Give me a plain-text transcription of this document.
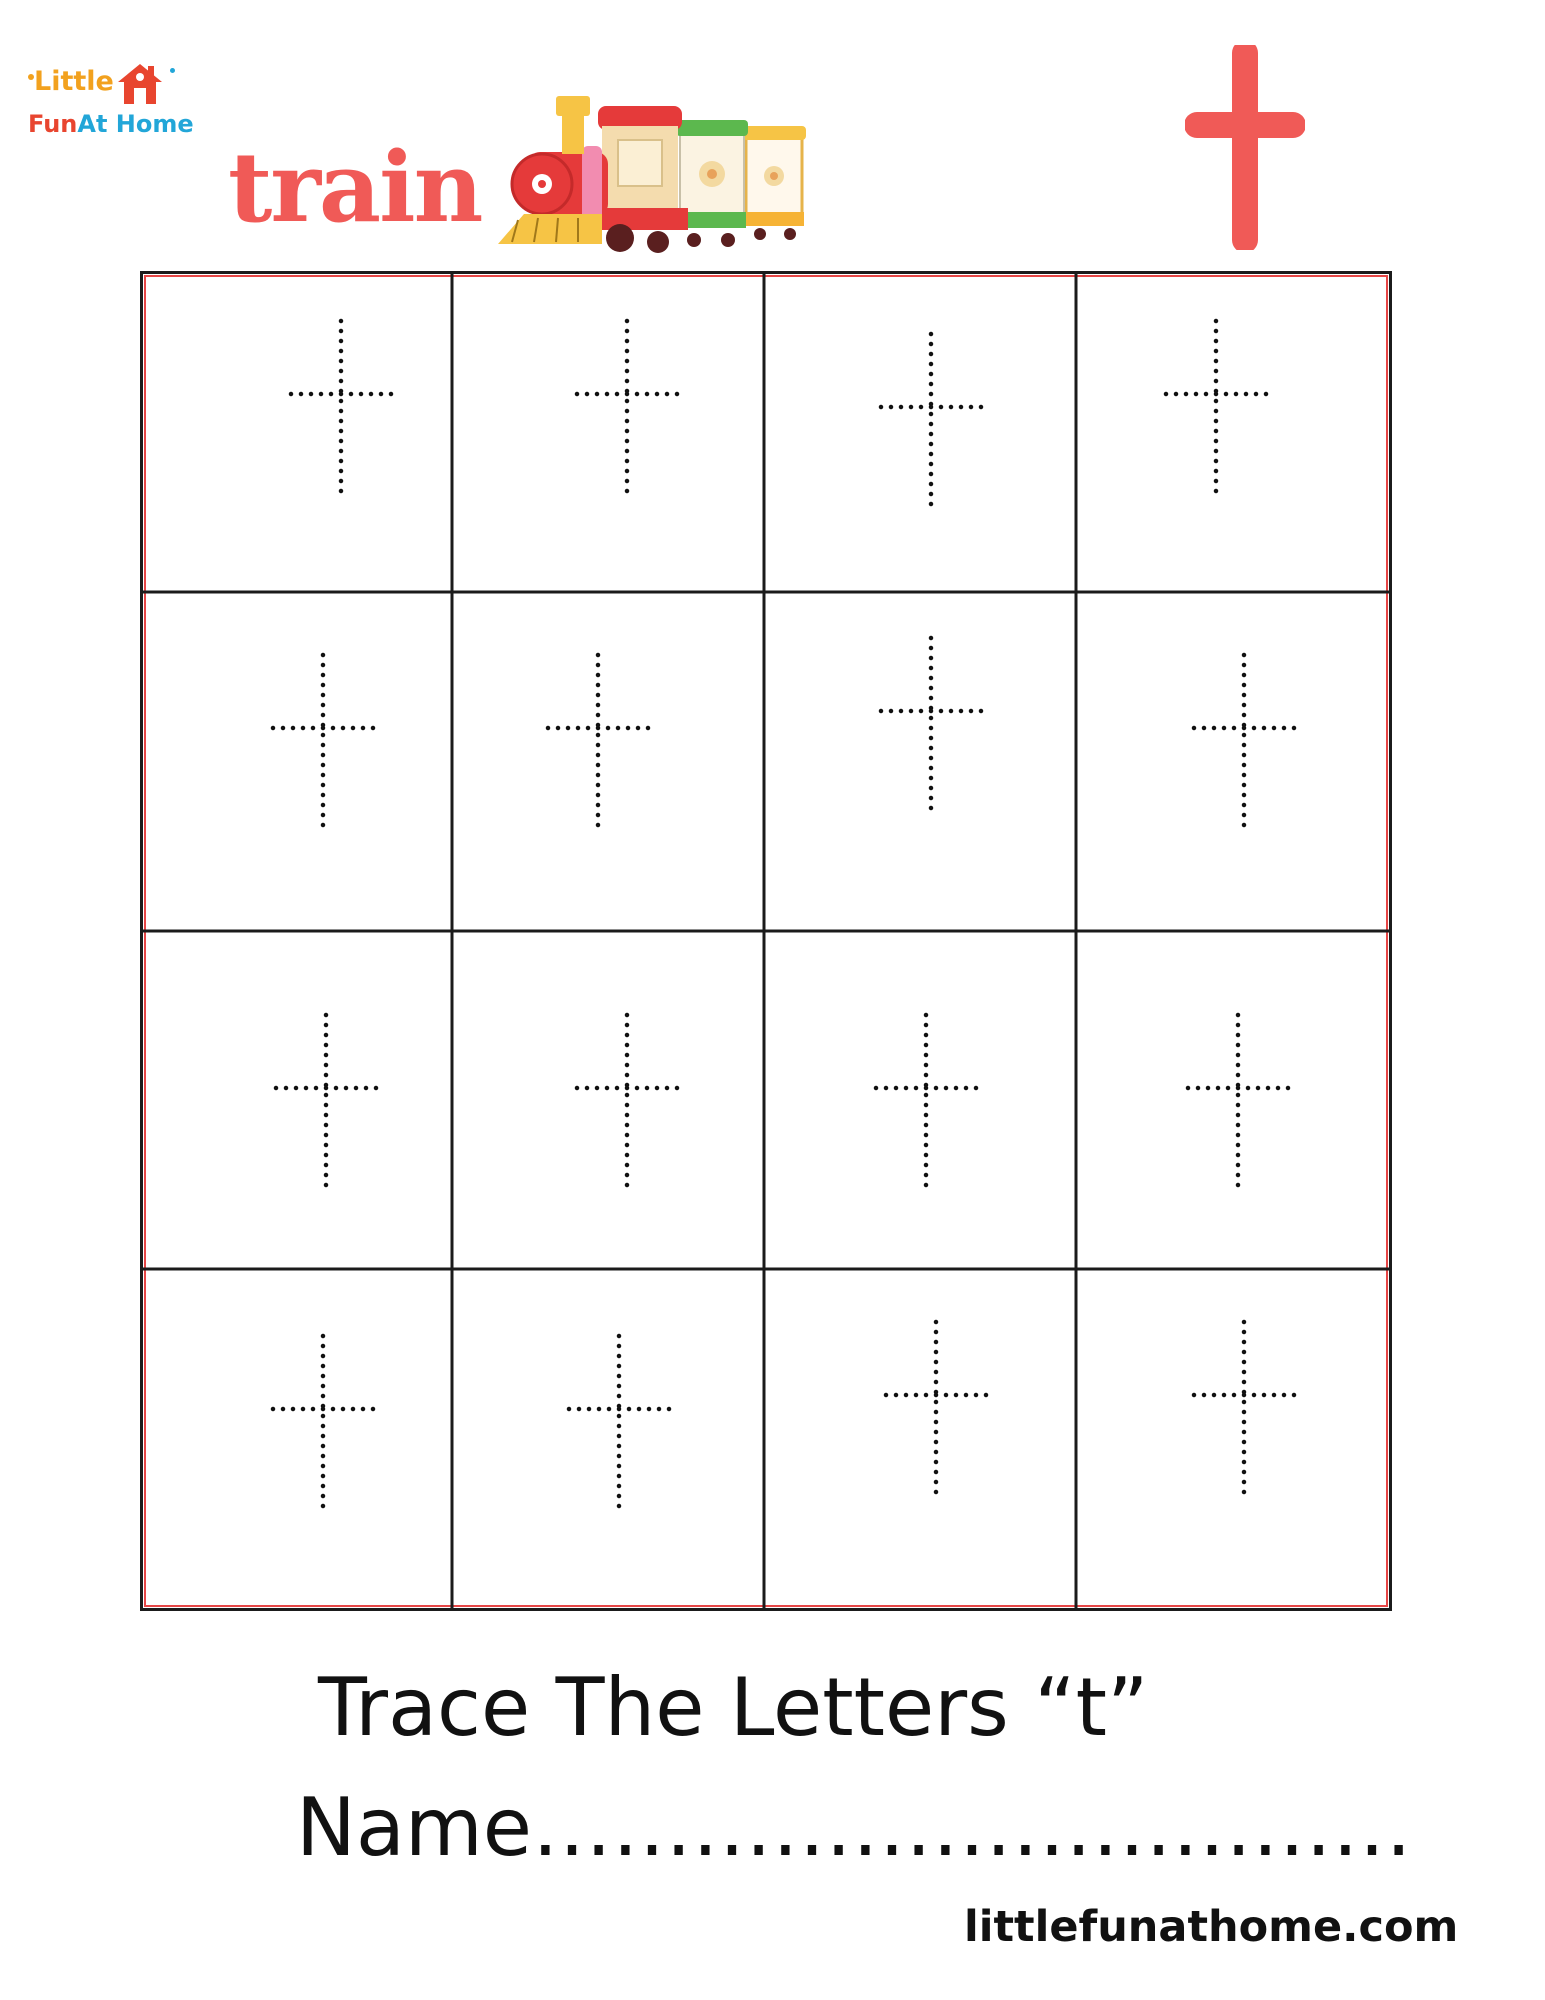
Little
FunAt Home
train
Trace The Letters “t”
Name……………………………
littlefunathome.com
